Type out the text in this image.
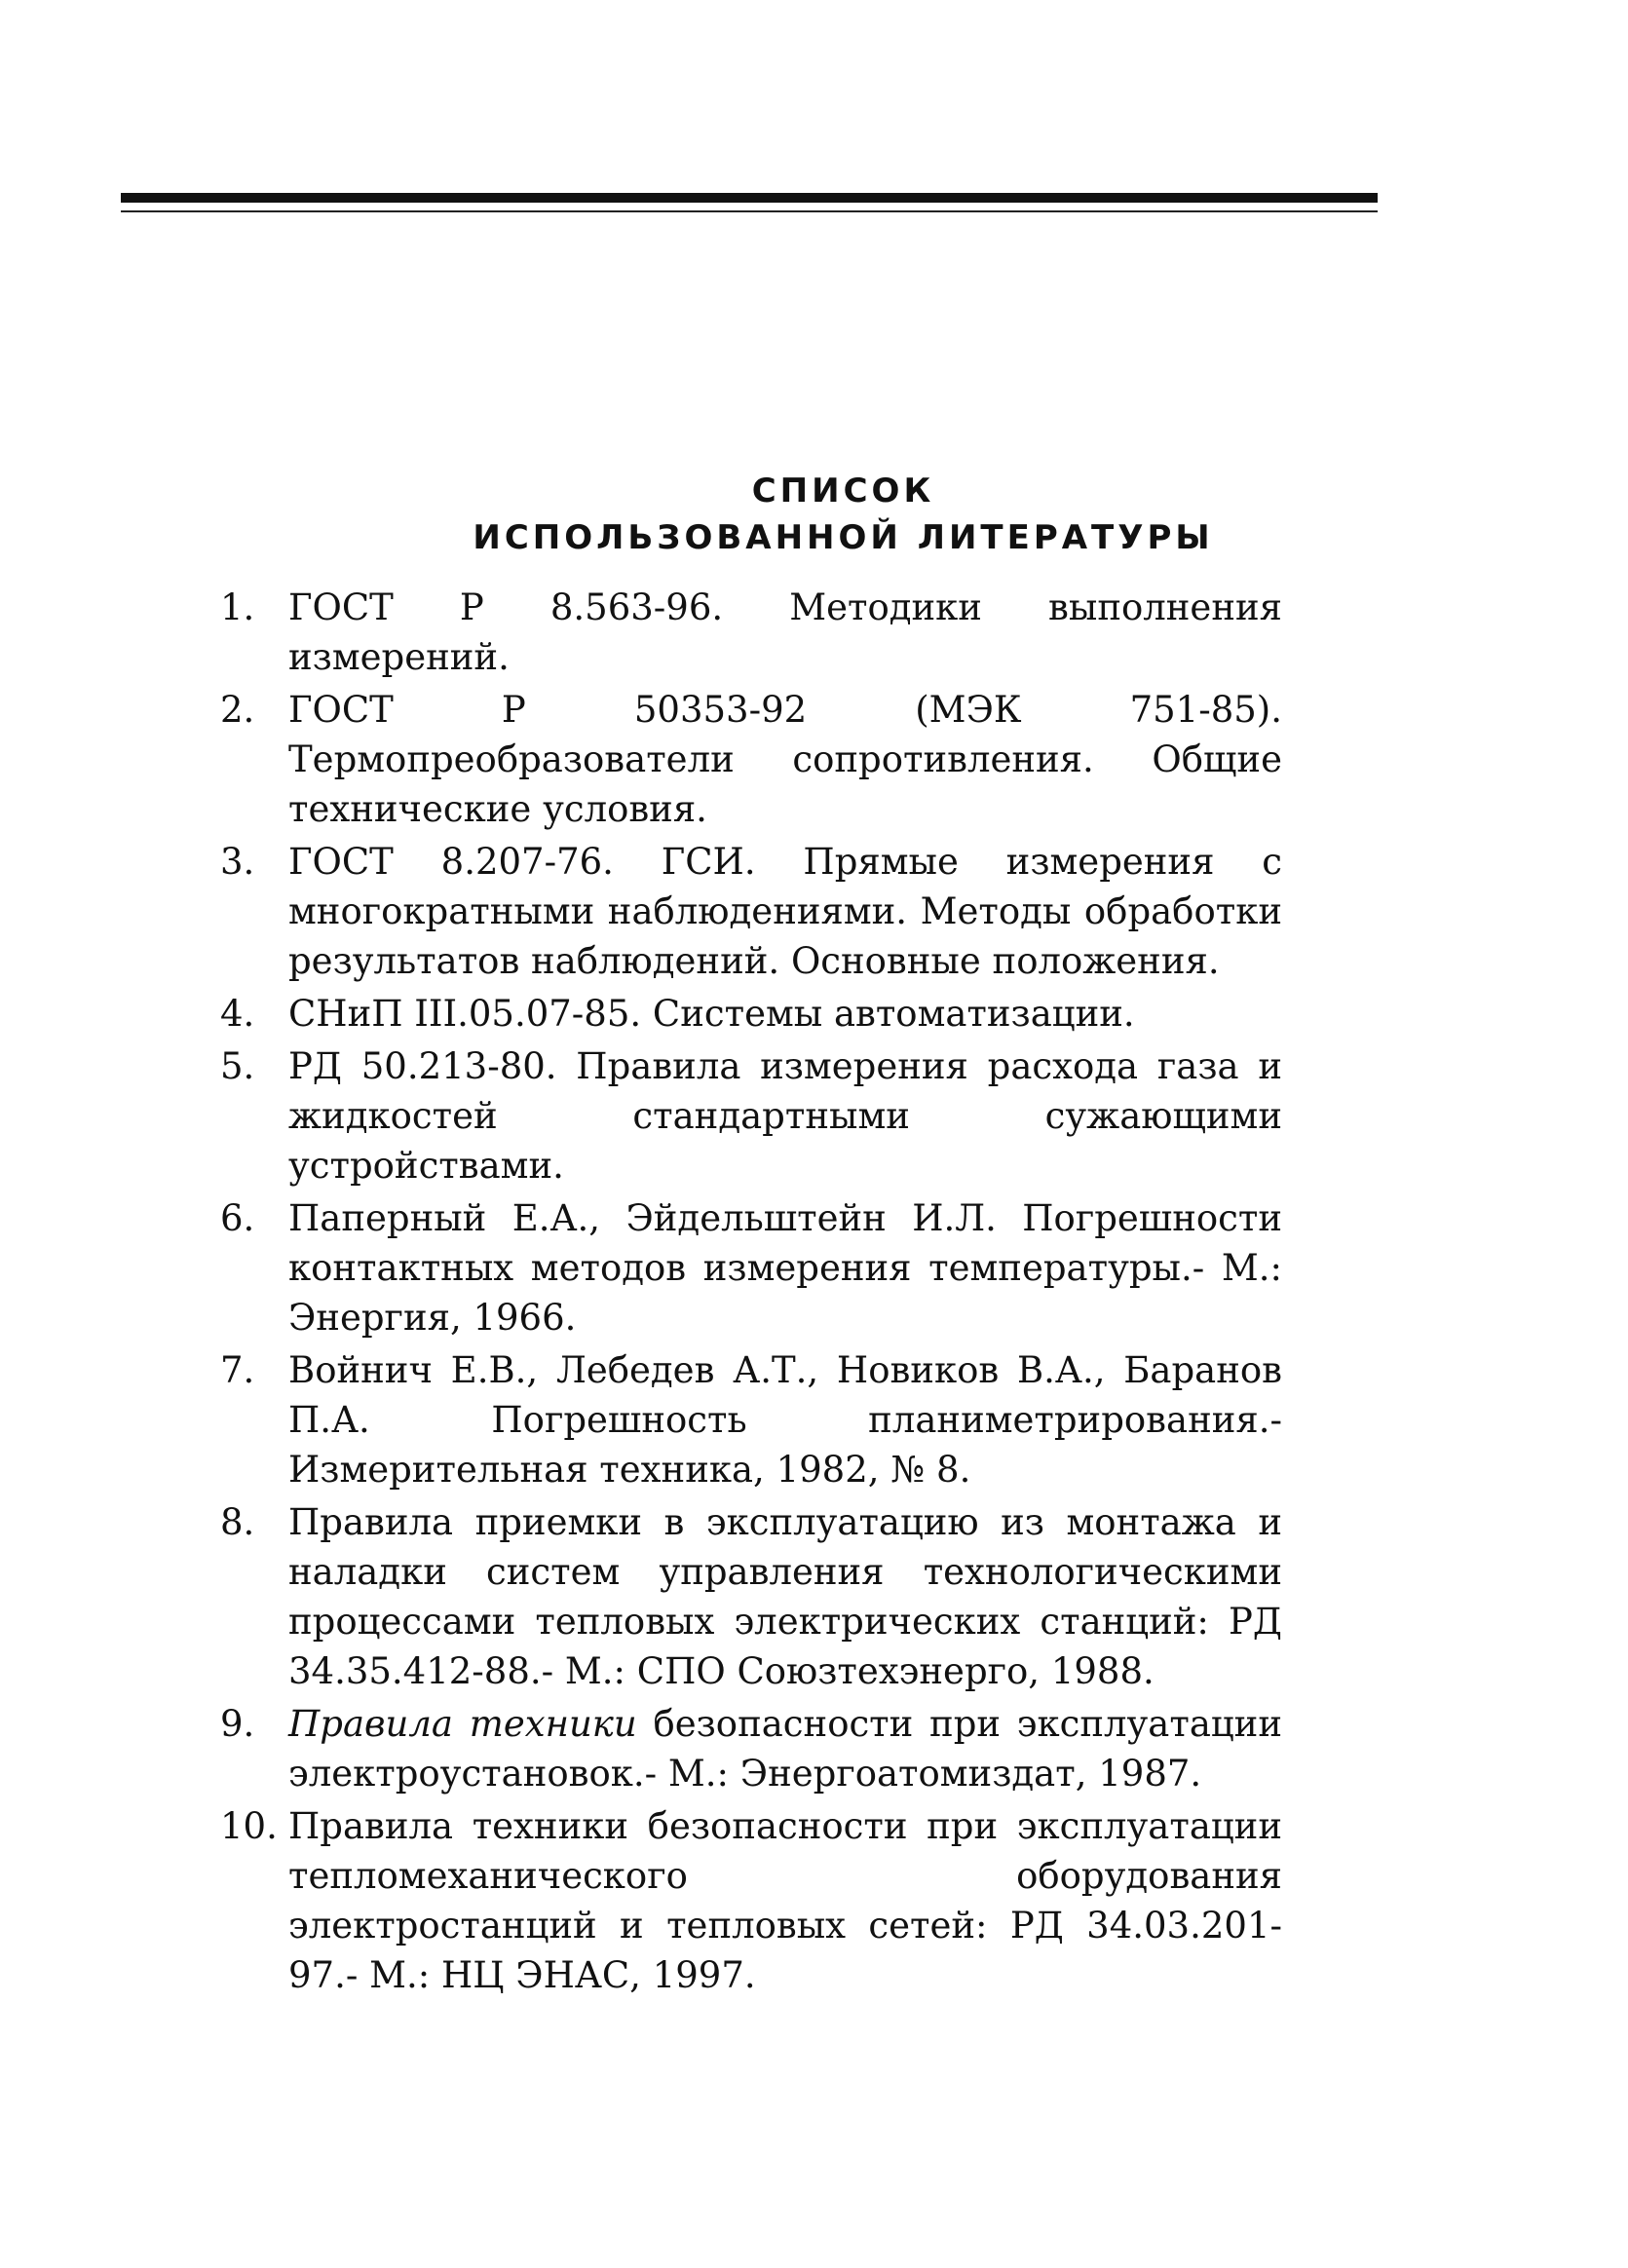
СПИСОК
ИСПОЛЬЗОВАННОЙ ЛИТЕРАТУРЫ
1. ГОСТ Р 8.563-96. Методики выполнения измерений.
2. ГОСТ Р 50353-92 (МЭК 751-85). Термопреобразователи сопротивления. Общие технические условия.
3. ГОСТ 8.207-76. ГСИ. Прямые измерения с многократными наблюдениями. Методы обработки результатов наблюдений. Основные положения.
4. СНиП III.05.07-85. Системы автоматизации.
5. РД 50.213-80. Правила измерения расхода газа и жидкостей стандартными сужающими устройствами.
6. Паперный Е.А., Эйдельштейн И.Л. Погрешности контактных методов измерения температуры.- М.: Энергия, 1966.
7. Войнич Е.В., Лебедев А.Т., Новиков В.А., Баранов П.А. Погрешность планиметрирования.- Измерительная техника, 1982, № 8.
8. Правила приемки в эксплуатацию из монтажа и наладки систем управления технологическими процессами тепловых электрических станций: РД 34.35.412-88.- М.: СПО Союзтехэнерго, 1988.
9. Правила техники безопасности при эксплуатации электроустановок.- М.: Энергоатомиздат, 1987.
10. Правила техники безопасности при эксплуатации тепломеханического оборудования электростанций и тепловых сетей: РД 34.03.201-97.- М.: НЦ ЭНАС, 1997.
